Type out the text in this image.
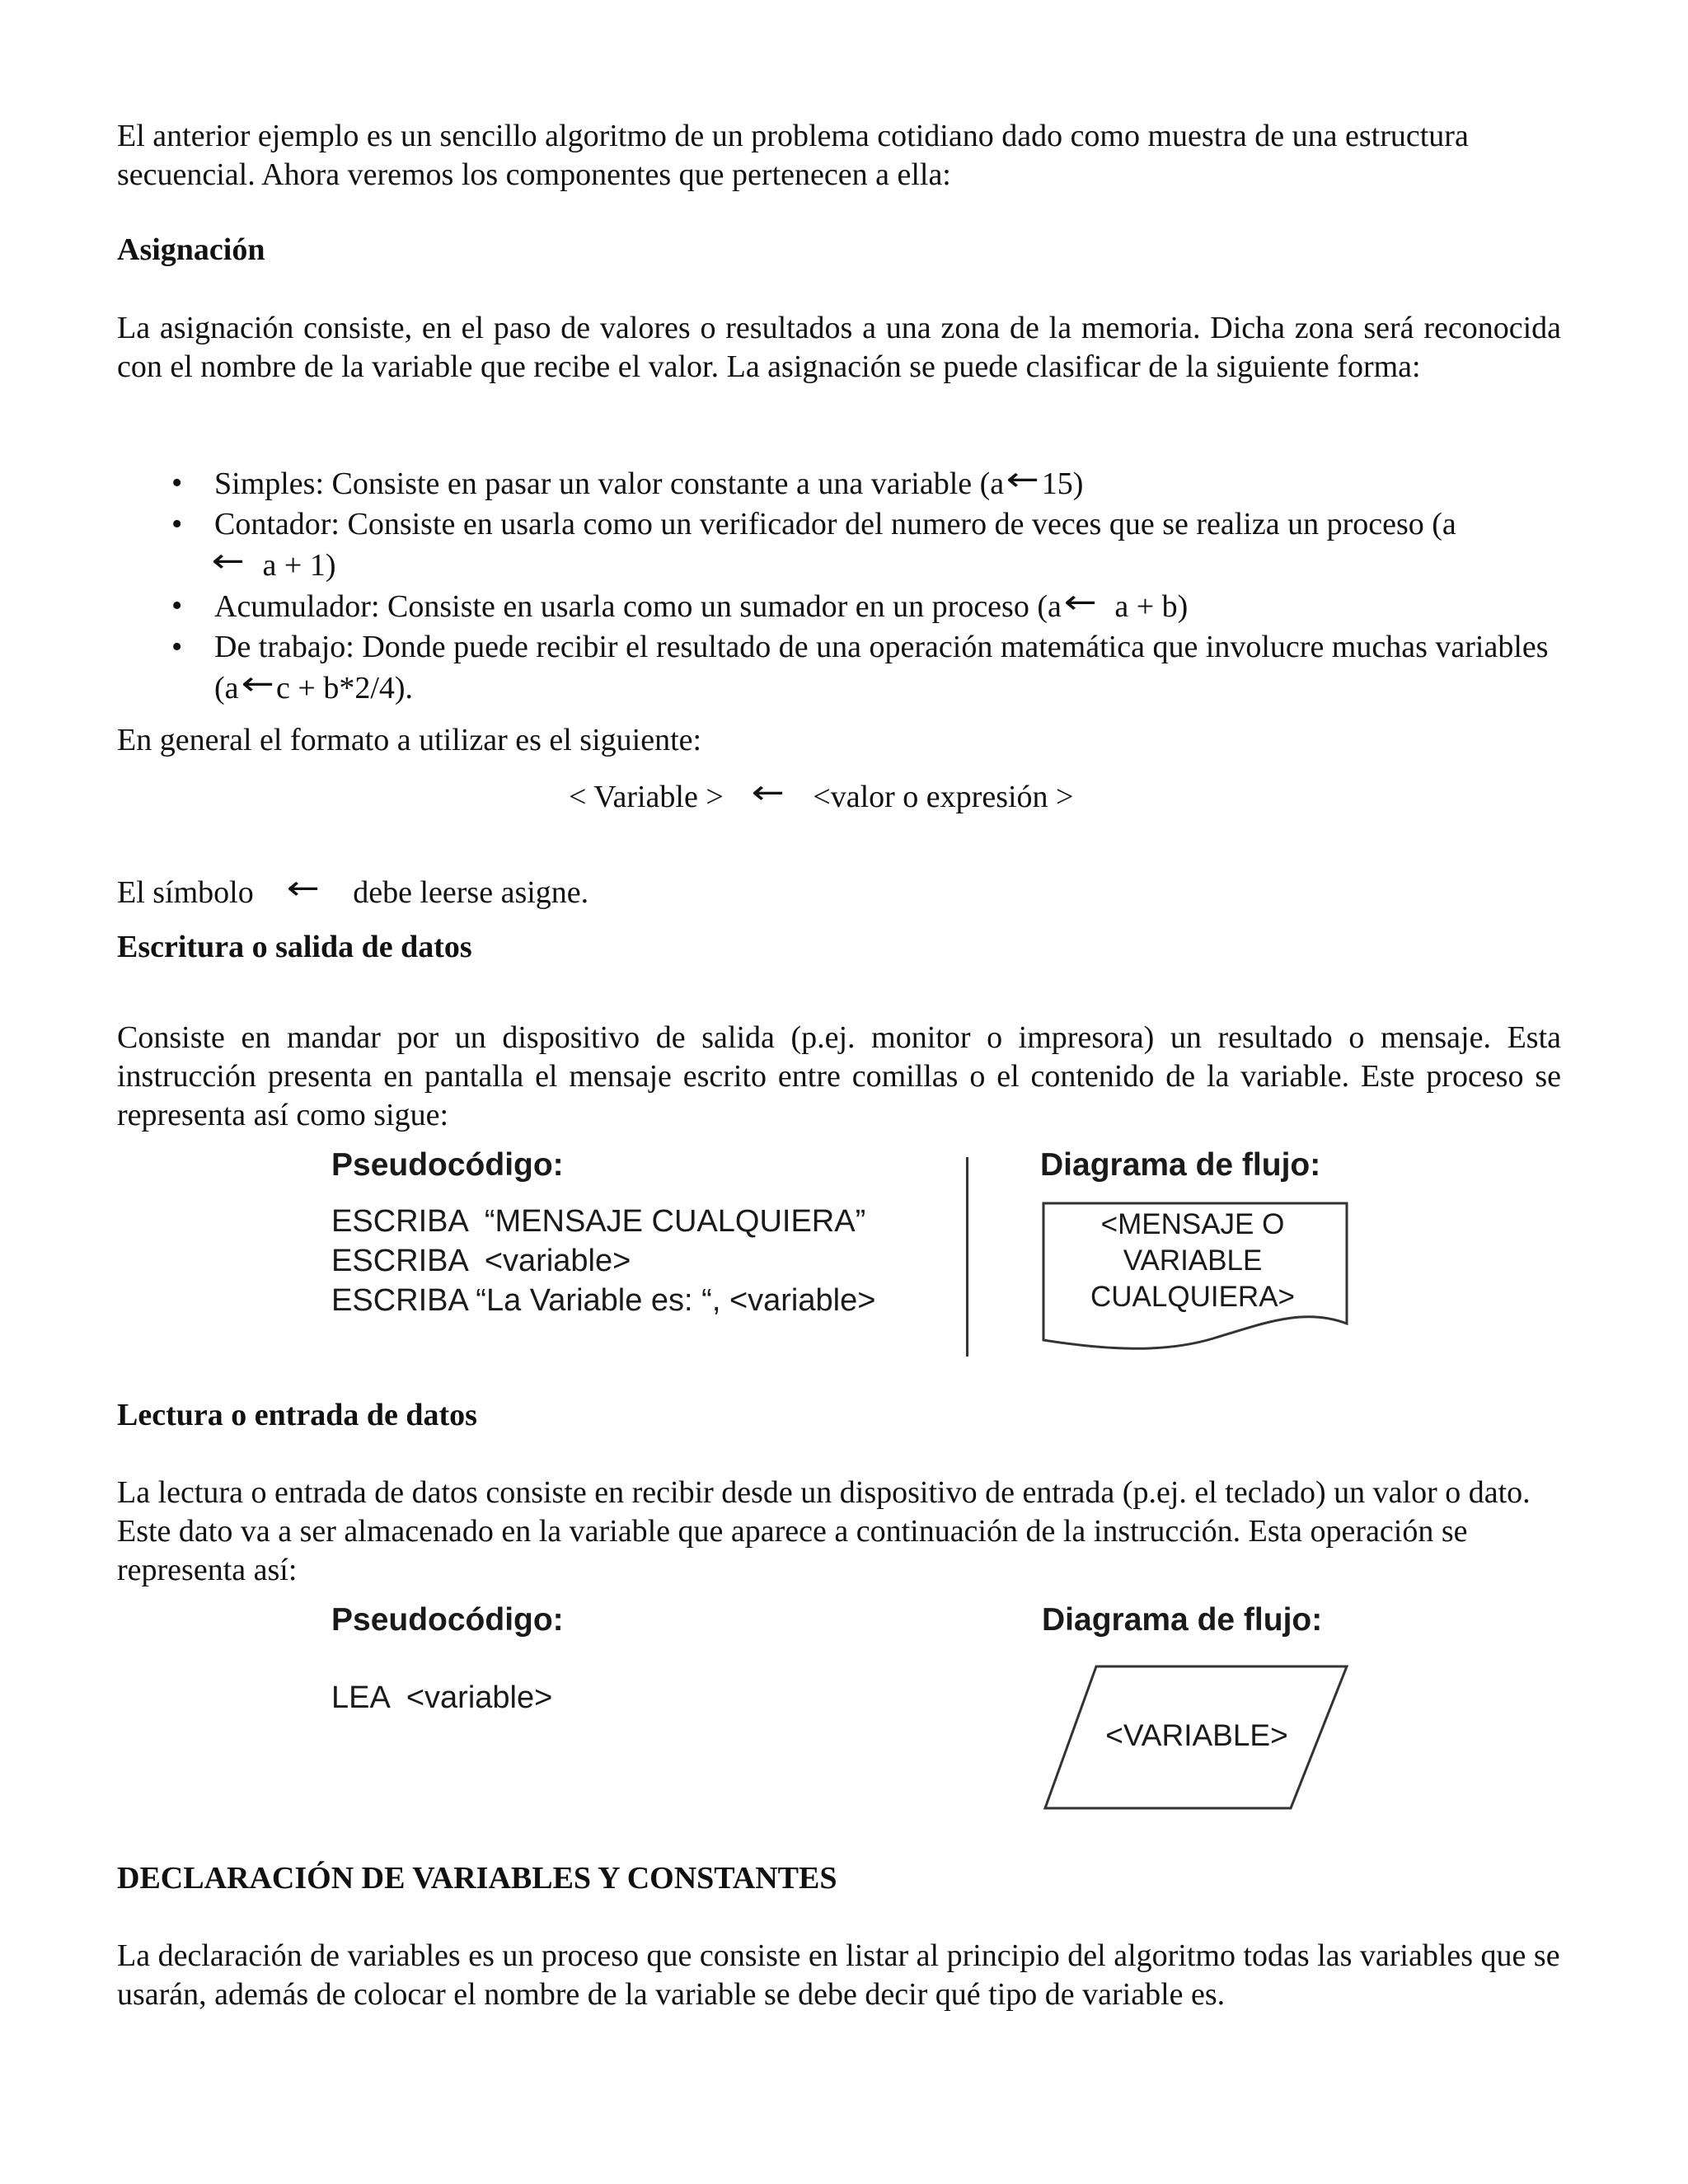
El anterior ejemplo es un sencillo algoritmo de un problema cotidiano dado como muestra de una estructura secuencial. Ahora veremos los componentes que pertenecen a ella:

Asignación

La asignación consiste, en el paso de valores o resultados a una zona de la memoria. Dicha zona será reconocida con el nombre de la variable que recibe el valor. La asignación se puede clasificar de la siguiente forma:

• Simples: Consiste en pasar un valor constante a una variable (a←15)
• Contador: Consiste en usarla como un verificador del numero de veces que se realiza un proceso (a
← a + 1)
• Acumulador: Consiste en usarla como un sumador en un proceso (a← a + b)
• De trabajo: Donde puede recibir el resultado de una operación matemática que involucre muchas variables (a←c + b*2/4).

En general el formato a utilizar es el siguiente:

< Variable > ← <valor o expresión >
El símbolo ← debe leerse asigne.

Escritura o salida de datos

Consiste en mandar por un dispositivo de salida (p.ej. monitor o impresora) un resultado o mensaje. Esta instrucción presenta en pantalla el mensaje escrito entre comillas o el contenido de la variable. Este proceso se representa así como sigue:

Pseudocódigo:
ESCRIBA  “MENSAJE CUALQUIERA”
ESCRIBA  <variable>
ESCRIBA “La Variable es: “, <variable>
Diagrama de flujo:
<MENSAJE O
VARIABLE
CUALQUIERA>

Lectura o entrada de datos

La lectura o entrada de datos consiste en recibir desde un dispositivo de entrada (p.ej. el teclado) un valor o dato. Este dato va a ser almacenado en la variable que aparece a continuación de la instrucción. Esta operación se representa así:

Pseudocódigo:
LEA  <variable>
Diagrama de flujo:
<VARIABLE>

DECLARACIÓN DE VARIABLES Y CONSTANTES

La declaración de variables es un proceso que consiste en listar al principio del algoritmo todas las variables que se usarán, además de colocar el nombre de la variable se debe decir qué tipo de variable es.
